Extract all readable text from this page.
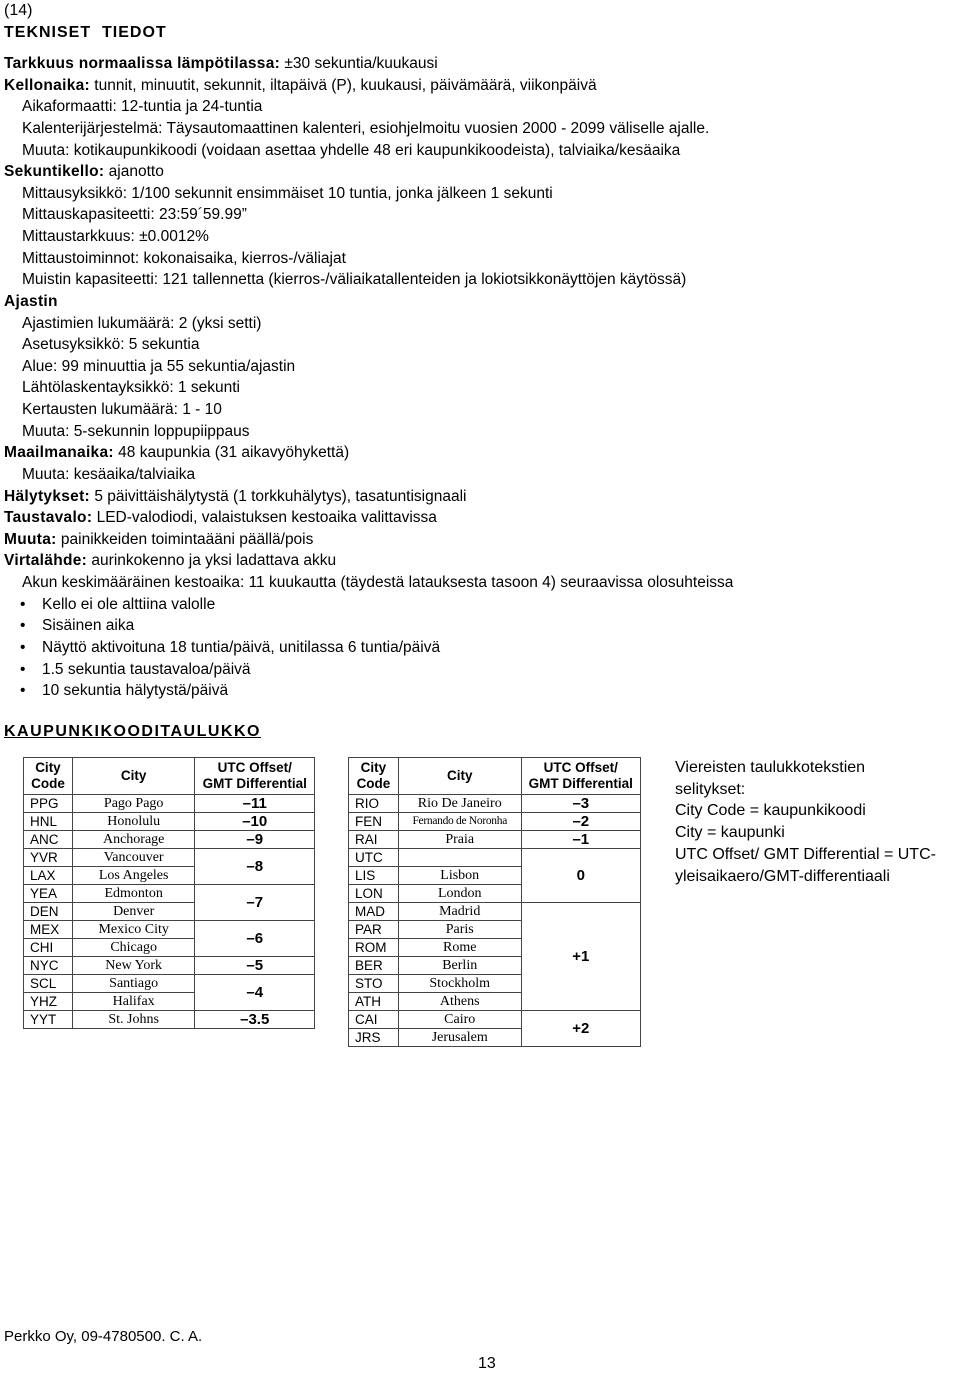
(14)
TEKNISET  TIEDOT
Tarkkuus normaalissa lämpötilassa: ±30 sekuntia/kuukausi
Kellonaika: tunnit, minuutit, sekunnit, iltapäivä (P), kuukausi, päivämäärä, viikonpäivä
Aikaformaatti: 12-tuntia ja 24-tuntia
Kalenterijärjestelmä: Täysautomaattinen kalenteri, esiohjelmoitu vuosien 2000 - 2099 väliselle ajalle.
Muuta: kotikaupunkikoodi (voidaan asettaa yhdelle 48 eri kaupunkikoodeista), talviaika/kesäaika
Sekuntikello: ajanotto
Mittausyksikkö: 1/100 sekunnit ensimmäiset 10 tuntia, jonka jälkeen 1 sekunti
Mittauskapasiteetti: 23:59´59.99”
Mittaustarkkuus: ±0.0012%
Mittaustoiminnot: kokonaisaika, kierros-/väliajat
Muistin kapasiteetti: 121 tallennetta (kierros-/väliaikatallenteiden ja lokiotsikkonäyttöjen käytössä)
Ajastin
Ajastimien lukumäärä: 2 (yksi setti)
Asetusyksikkö: 5 sekuntia
Alue: 99 minuuttia ja 55 sekuntia/ajastin
Lähtölaskentayksikkö: 1 sekunti
Kertausten lukumäärä: 1 - 10
Muuta: 5-sekunnin loppupiippaus
Maailmanaika: 48 kaupunkia (31 aikavyöhykettä)
Muuta: kesäaika/talviaika
Hälytykset: 5 päivittäishälytystä (1 torkkuhälytys), tasatuntisignaali
Taustavalo: LED-valodiodi, valaistuksen kestoaika valittavissa
Muuta: painikkeiden toimintaääni päällä/pois
Virtalähde: aurinkokenno ja yksi ladattava akku
Akun keskimääräinen kestoaika: 11 kuukautta (täydestä latauksesta tasoon 4) seuraavissa olosuhteissa
• Kello ei ole alttiina valolle
• Sisäinen aika
• Näyttö aktivoituna 18 tuntia/päivä, unitilassa 6 tuntia/päivä
• 1.5 sekuntia taustavaloa/päivä
• 10 sekuntia hälytystä/päivä
KAUPUNKIKOODITAULUKKO
City
Code	City	UTC Offset/
GMT Differential
PPG	Pago Pago	–11
HNL	Honolulu	–10
ANC	Anchorage	–9
YVR	Vancouver	–8
LAX	Los Angeles	
YEA	Edmonton	–7
DEN	Denver	
MEX	Mexico City	–6
CHI	Chicago	
NYC	New York	–5
SCL	Santiago	–4
YHZ	Halifax	
YYT	St. Johns	–3.5
City
Code	City	UTC Offset/
GMT Differential
RIO	Rio De Janeiro	–3
FEN	Fernando de Noronha	–2
RAI	Praia	–1
UTC		0
LIS	Lisbon	
LON	London	
MAD	Madrid	+1
PAR	Paris	
ROM	Rome	
BER	Berlin	
STO	Stockholm	
ATH	Athens	
CAI	Cairo	+2
JRS	Jerusalem	
Viereisten taulukkotekstien
selitykset:
City Code = kaupunkikoodi
City = kaupunki
UTC Offset/ GMT Differential = UTC-
yleisaikaero/GMT-differentiaali
Perkko Oy, 09-4780500. C. A.
13
